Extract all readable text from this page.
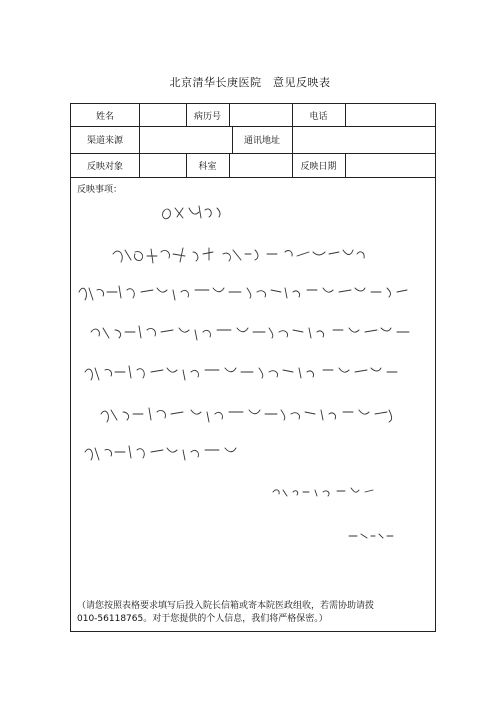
北京清华长庚医院　意见反映表
姓名	病历号	电话
渠道来源	通讯地址
反映对象	科室	反映日期
反映事项：
（请您按照表格要求填写后投入院长信箱或寄本院医政组收，若需协助请拨
010-56118765。对于您提供的个人信息，我们将严格保密。）
